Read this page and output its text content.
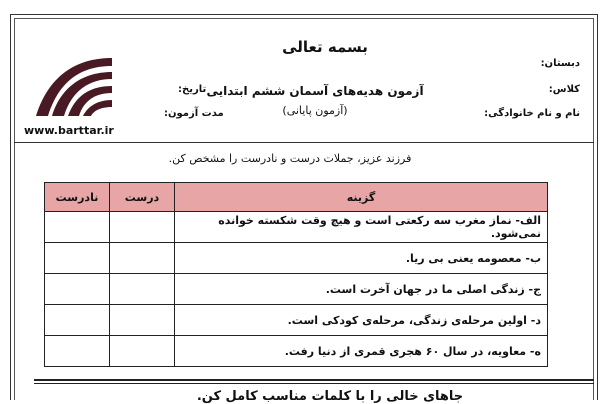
بسمه تعالی
دبستان:
کلاس:
نام و نام خانوادگی:
تاریخ:
مدت آزمون:
آزمون هدیه‌های آسمان ششم ابتدایی
(آزمون پایانی)
www.barttar.ir
فرزند عزیز، جملات درست و نادرست را مشخص کن.
نادرست	درست	گزینه
		الف- نماز مغرب سه رکعتی است و هیچ وقت شکسته خوانده نمی‌شود.
		ب- معصومه یعنی بی ریا.
		ج- زندگی اصلی ما در جهان آخرت است.
		د- اولین مرحله‌ی زندگی، مرحله‌ی کودکی است.
		ه- معاویه، در سال ۶۰ هجری قمری از دنیا رفت.
جاهای خالی را با کلمات مناسب کامل کن.
